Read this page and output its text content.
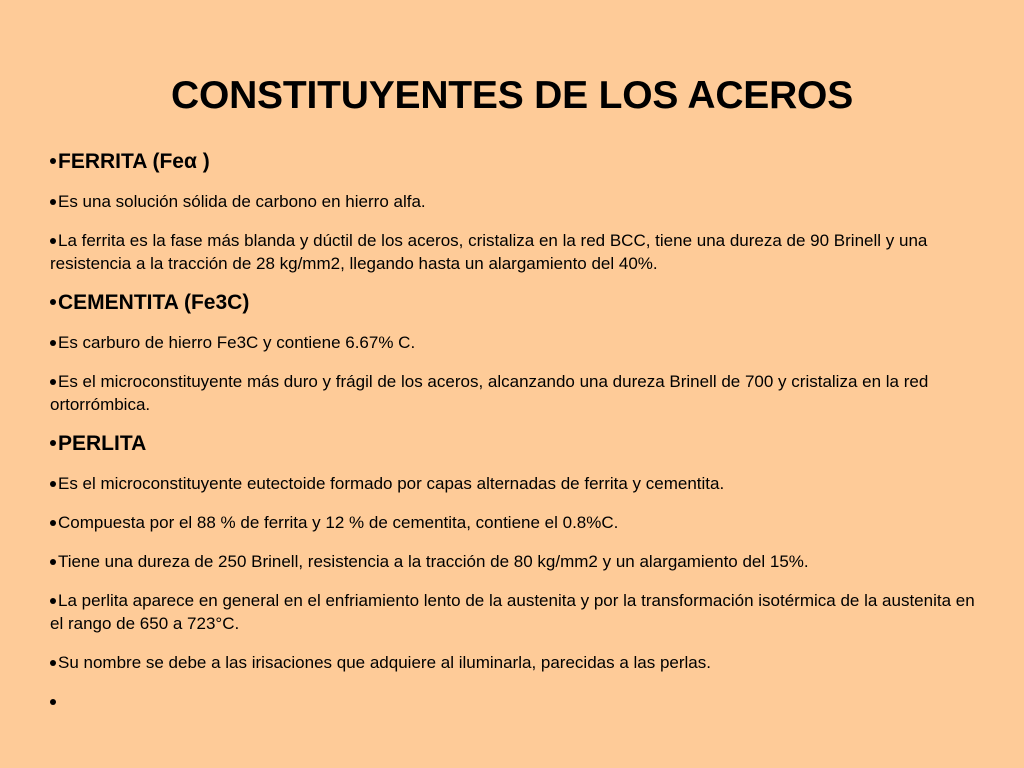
CONSTITUYENTES DE LOS ACEROS

FERRITA (Feα )

Es una solución sólida de carbono en hierro alfa.

La ferrita es la fase más blanda y dúctil de los aceros, cristaliza en la red BCC, tiene una dureza de 90 Brinell y una resistencia a la tracción de 28 kg/mm2, llegando hasta un alargamiento del 40%.

CEMENTITA (Fe3C)

Es carburo de hierro Fe3C y contiene 6.67% C.

Es el microconstituyente más duro y frágil de los aceros, alcanzando una dureza Brinell de 700 y cristaliza en la red ortorrómbica.

PERLITA

Es el microconstituyente eutectoide formado por capas alternadas de ferrita y cementita.

Compuesta por el 88 % de ferrita y 12 % de cementita, contiene el 0.8%C.

Tiene una dureza de 250 Brinell, resistencia a la tracción de 80 kg/mm2 y un alargamiento del 15%.

La perlita aparece en general en el enfriamiento lento de la austenita y por la transformación isotérmica de la austenita en el rango de 650 a 723°C.

Su nombre se debe a las irisaciones que adquiere al iluminarla, parecidas a las perlas.
